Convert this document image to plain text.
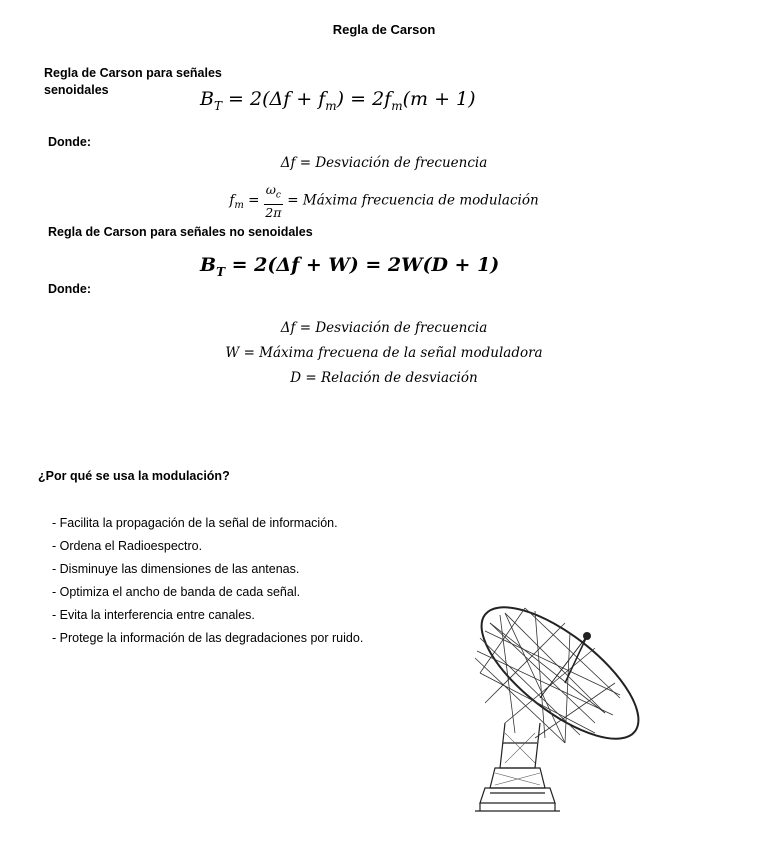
Regla de Carson
Regla de Carson para señales
senoidales	$B_T = 2(\Delta f + f_m) = 2f_m(m + 1)$
Donde:
Δf = Desviación de frecuencia
$f_m = \frac{\omega_c}{2\pi}$ = Máxima frecuencia de modulación
Regla de Carson para señales no senoidales
$B_T = 2(\Delta f + W) = 2W(D + 1)$
Donde:
Δf = Desviación de frecuencia
W = Máxima frecuena de la señal moduladora
D = Relación de desviación
¿Por qué se usa la modulación?
- Facilita la propagación de la señal de información.
- Ordena el Radioespectro.
- Disminuye las dimensiones de las antenas.
- Optimiza el ancho de banda de cada señal.
- Evita la interferencia entre canales.
- Protege la información de las degradaciones por ruido.
